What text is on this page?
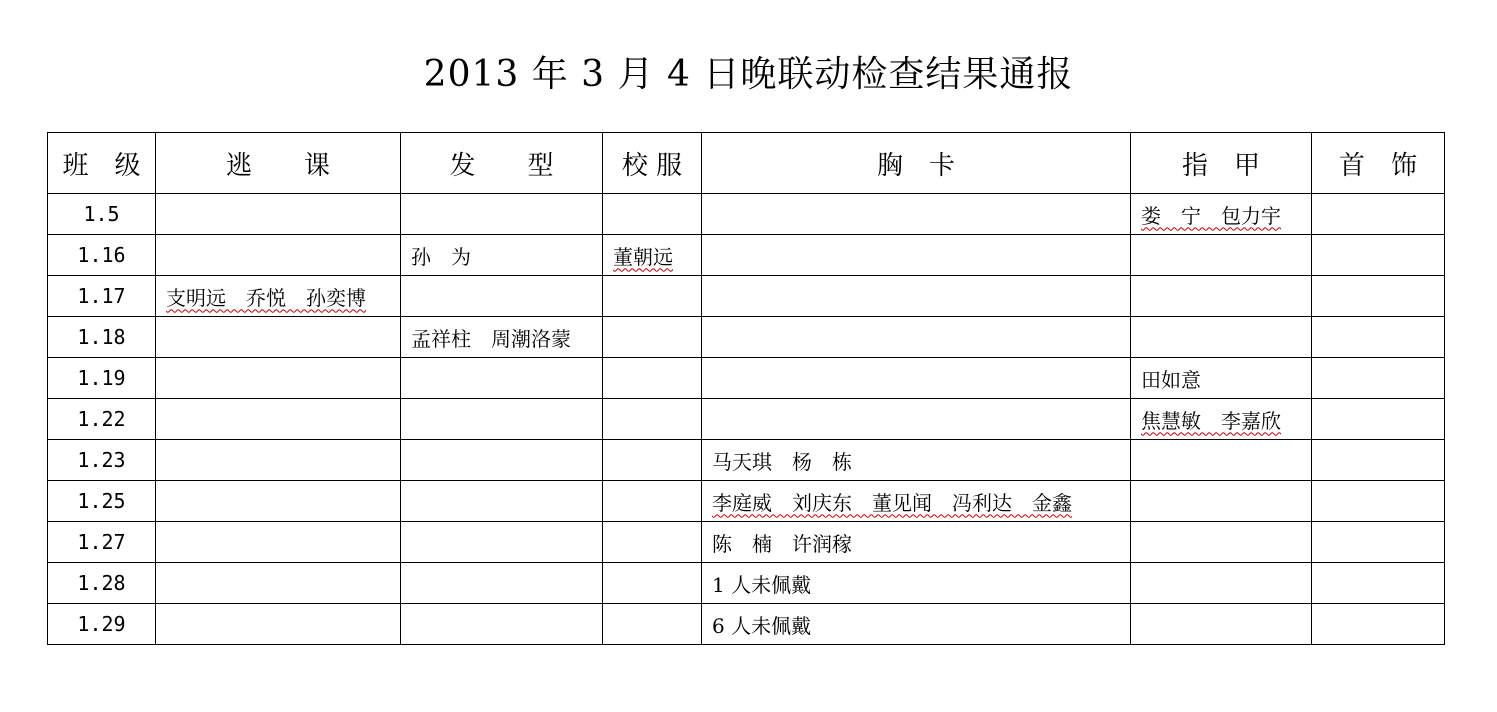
2013 年 3 月 4 日晚联动检查结果通报
班　级	逃　　课	发　　型	校 服	胸　卡	指　甲	首　饰
1.5					娄　宁　包力宇	
1.16		孙　为	董朝远			
1.17	支明远　乔悦　孙奕博					
1.18		孟祥柱　周潮洛蒙				
1.19					田如意	
1.22					焦慧敏　李嘉欣	
1.23				马天琪　杨　栋		
1.25				李庭威　刘庆东　董见闻　冯利达　金鑫		
1.27				陈　楠　许润稼		
1.28				1 人未佩戴		
1.29				6 人未佩戴		
